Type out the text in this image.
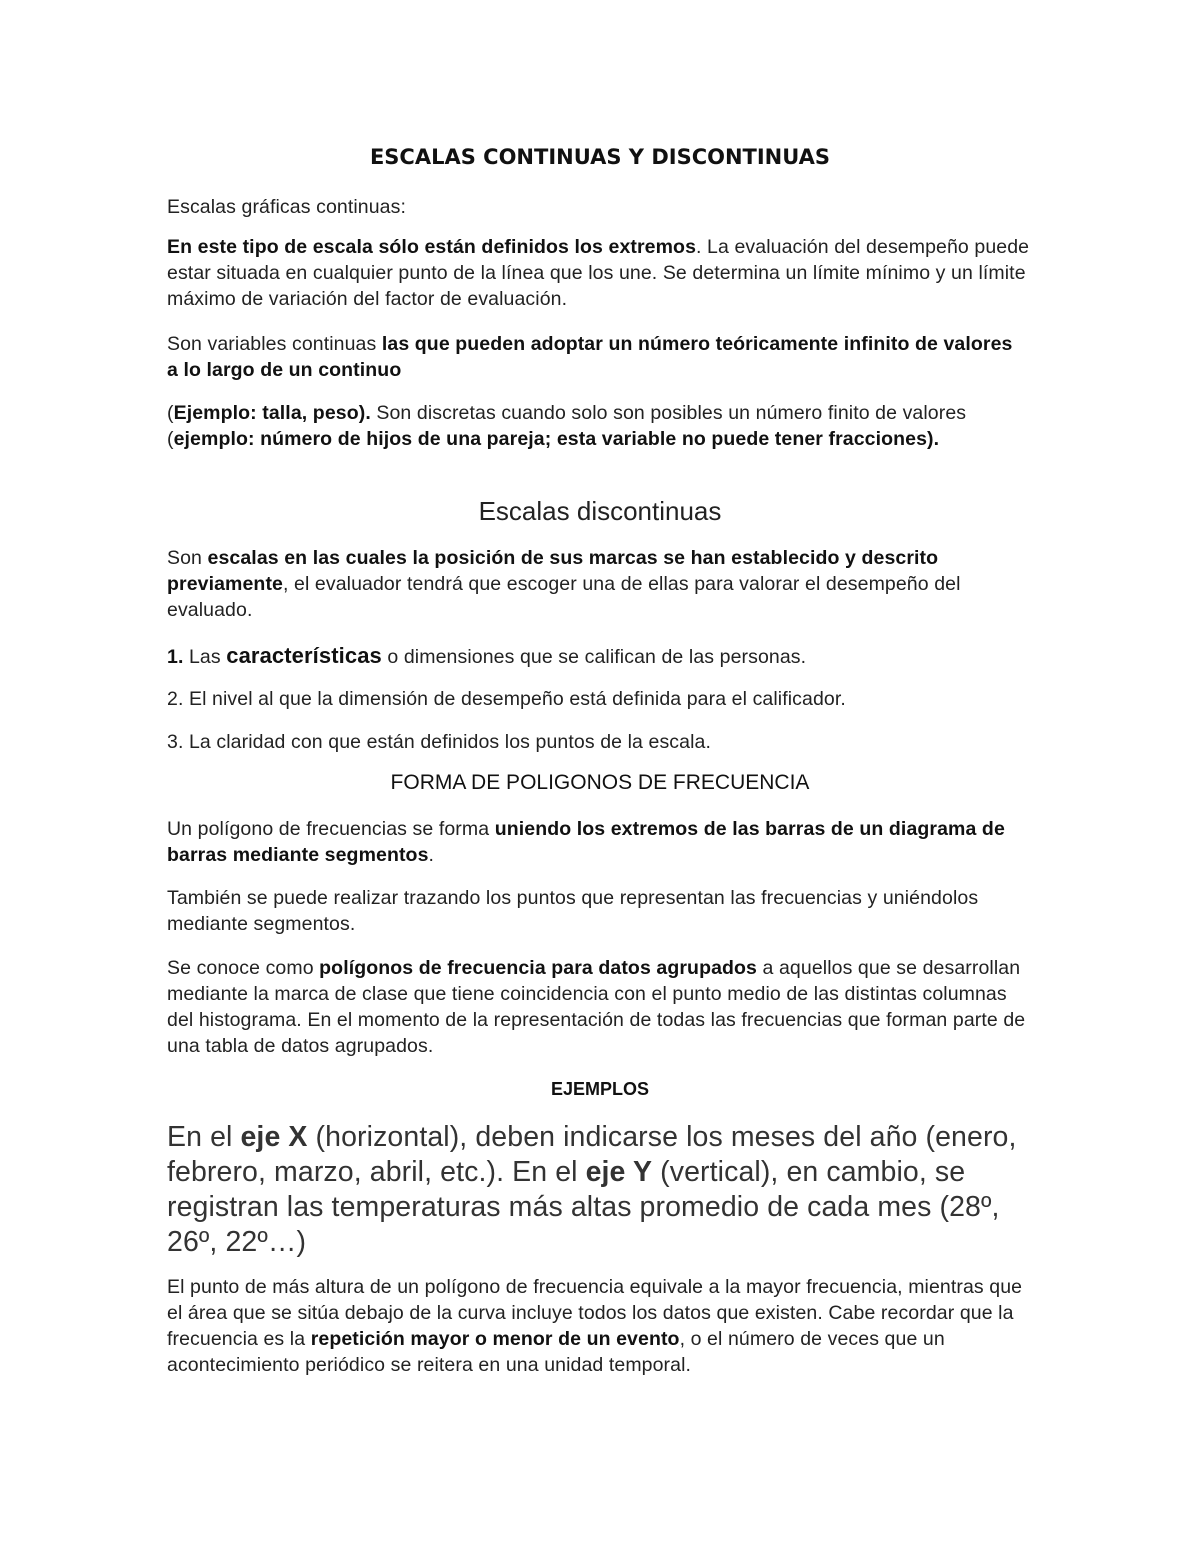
ESCALAS CONTINUAS Y DISCONTINUAS

Escalas gráficas continuas:

En este tipo de escala sólo están definidos los extremos. La evaluación del desempeño puede estar situada en cualquier punto de la línea que los une. Se determina un límite mínimo y un límite máximo de variación del factor de evaluación.

Son variables continuas las que pueden adoptar un número teóricamente infinito de valores a lo largo de un continuo

(Ejemplo: talla, peso). Son discretas cuando solo son posibles un número finito de valores (ejemplo: número de hijos de una pareja; esta variable no puede tener fracciones).

Escalas discontinuas

Son escalas en las cuales la posición de sus marcas se han establecido y descrito previamente, el evaluador tendrá que escoger una de ellas para valorar el desempeño del evaluado.

1. Las características o dimensiones que se califican de las personas.

2. El nivel al que la dimensión de desempeño está definida para el calificador.

3. La claridad con que están definidos los puntos de la escala.

FORMA DE POLIGONOS DE FRECUENCIA

Un polígono de frecuencias se forma uniendo los extremos de las barras de un diagrama de barras mediante segmentos.

También se puede realizar trazando los puntos que representan las frecuencias y uniéndolos mediante segmentos.

Se conoce como polígonos de frecuencia para datos agrupados a aquellos que se desarrollan mediante la marca de clase que tiene coincidencia con el punto medio de las distintas columnas del histograma. En el momento de la representación de todas las frecuencias que forman parte de una tabla de datos agrupados.

EJEMPLOS

En el eje X (horizontal), deben indicarse los meses del año (enero, febrero, marzo, abril, etc.). En el eje Y (vertical), en cambio, se registran las temperaturas más altas promedio de cada mes (28º, 26º, 22º…)

El punto de más altura de un polígono de frecuencia equivale a la mayor frecuencia, mientras que el área que se sitúa debajo de la curva incluye todos los datos que existen. Cabe recordar que la frecuencia es la repetición mayor o menor de un evento, o el número de veces que un acontecimiento periódico se reitera en una unidad temporal.
